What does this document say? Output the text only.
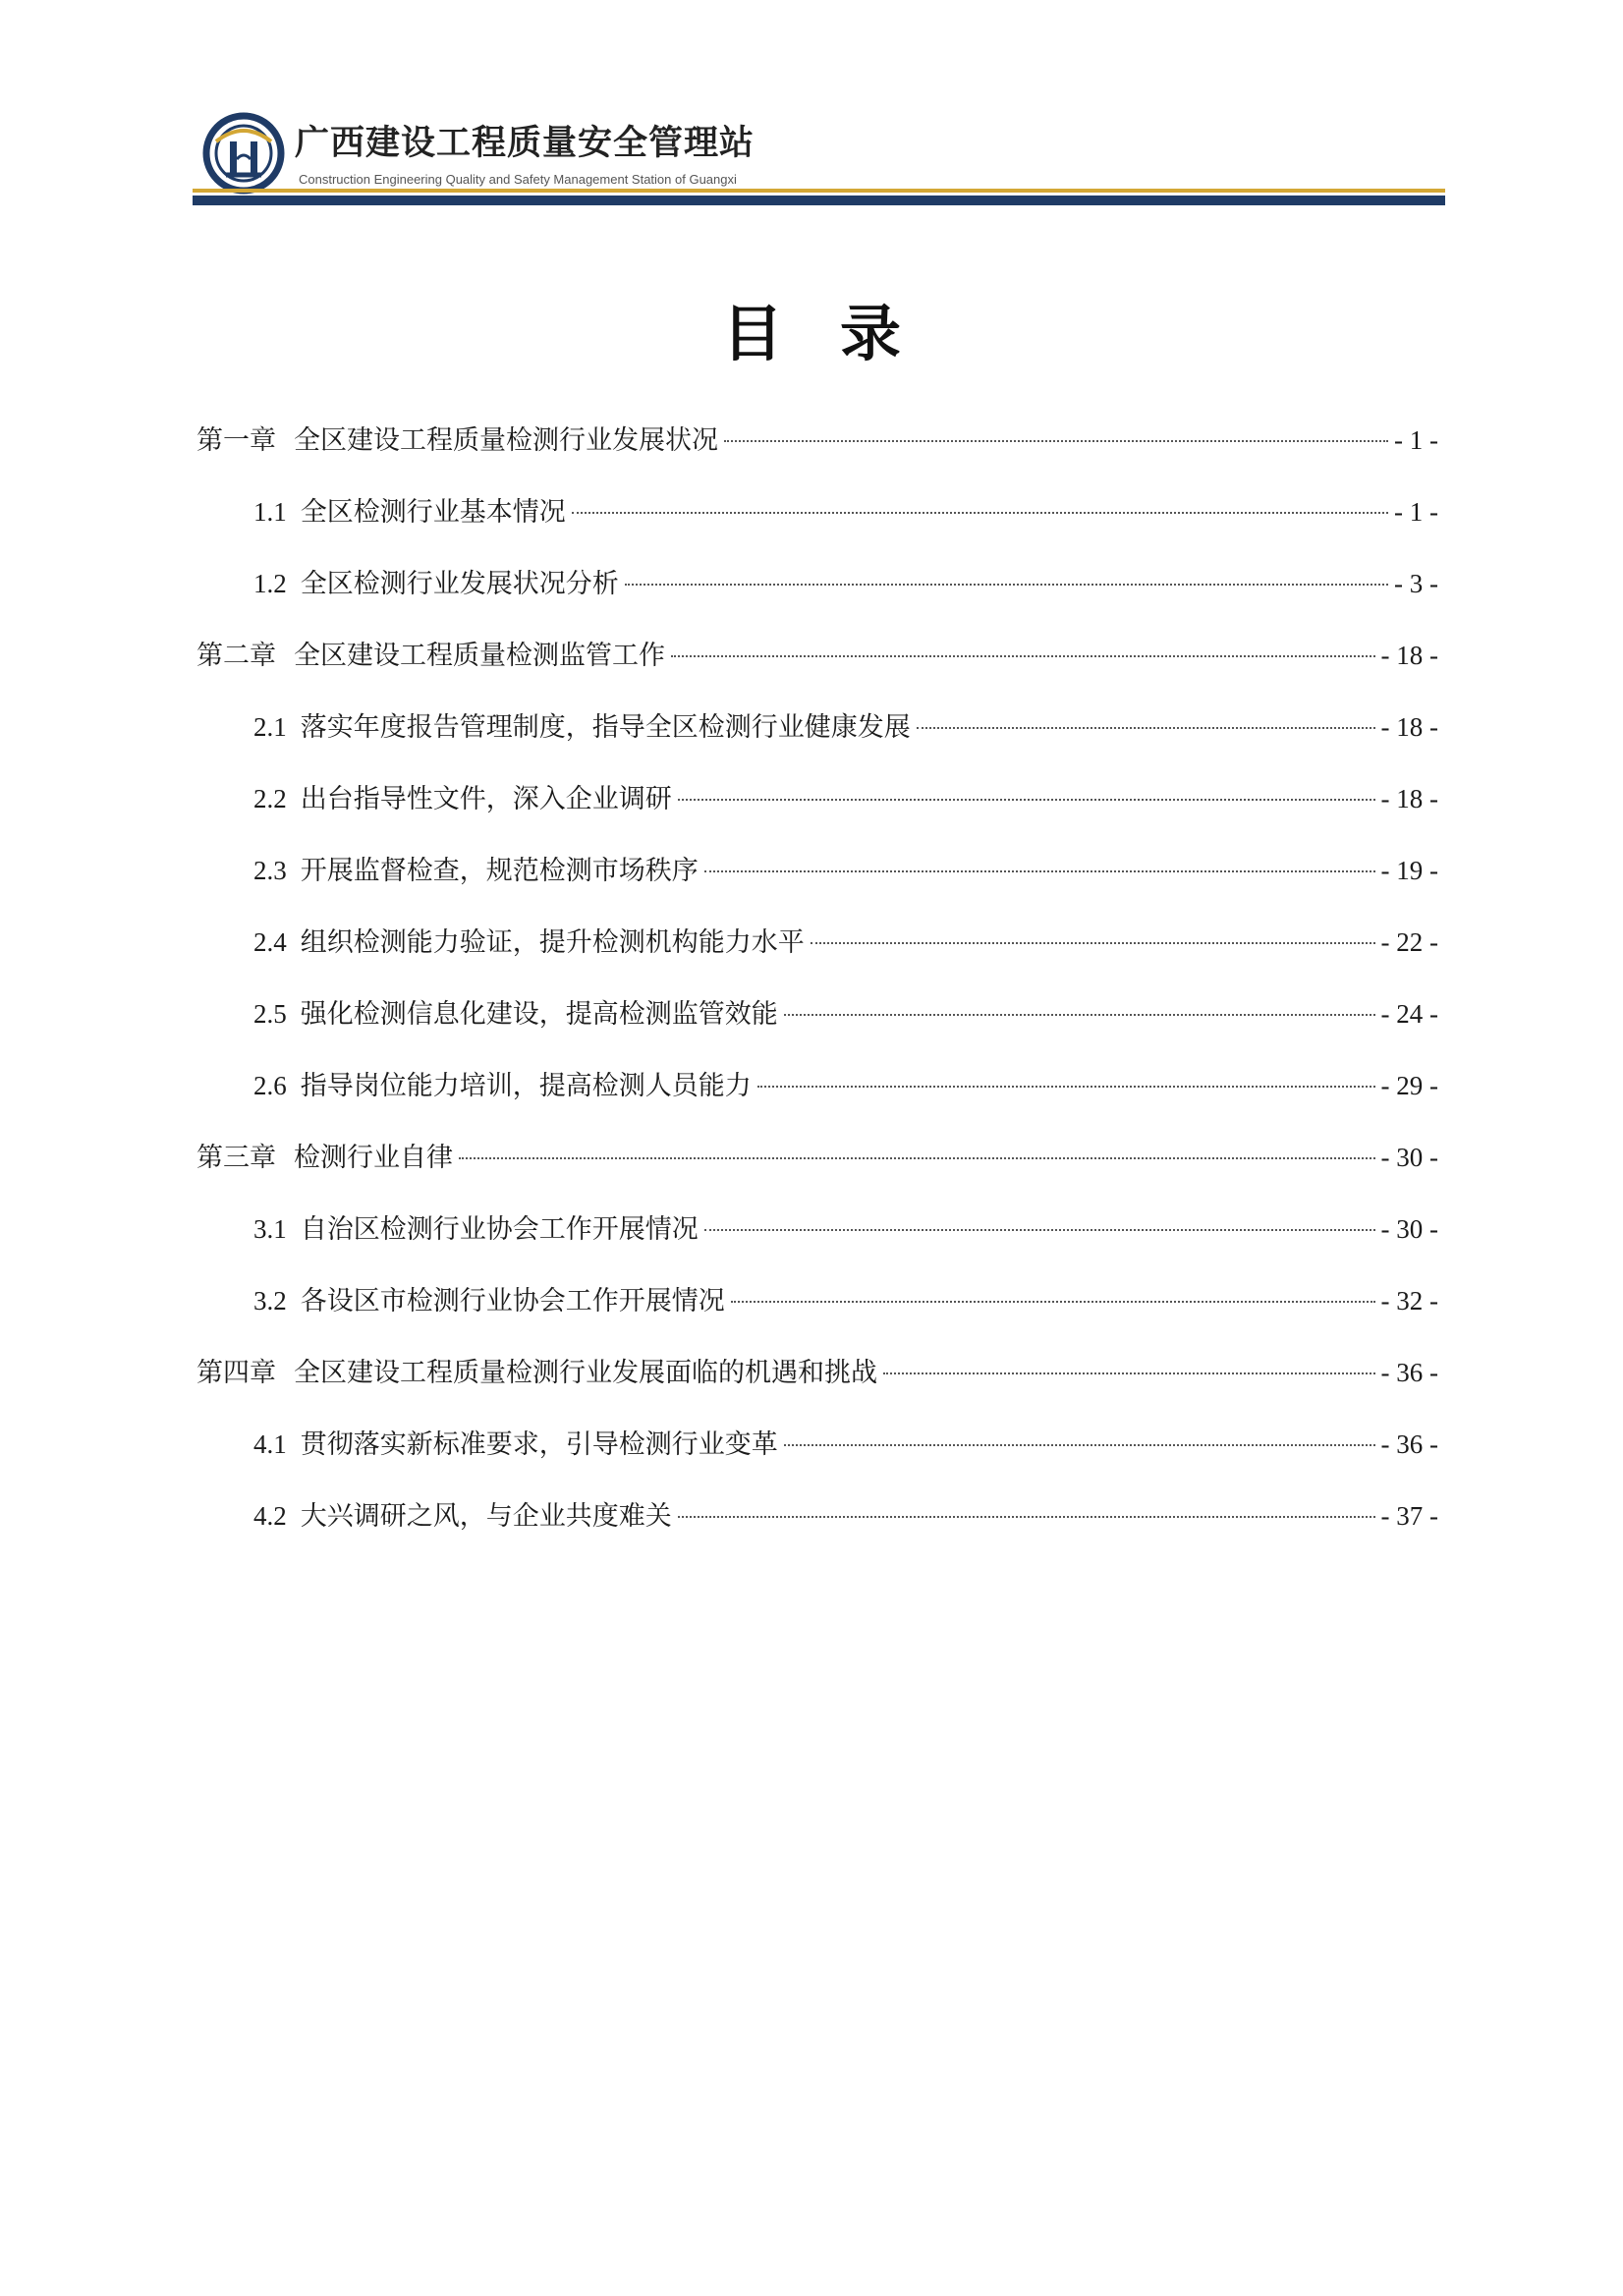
广西建设工程质量安全管理站
Construction Engineering Quality and Safety Management Station of Guangxi
目 录
第一章 全区建设工程质量检测行业发展状况	- 1 -
1.1 全区检测行业基本情况	- 1 -
1.2 全区检测行业发展状况分析	- 3 -
第二章 全区建设工程质量检测监管工作	- 18 -
2.1 落实年度报告管理制度，指导全区检测行业健康发展	- 18 -
2.2 出台指导性文件，深入企业调研	- 18 -
2.3 开展监督检查，规范检测市场秩序	- 19 -
2.4 组织检测能力验证，提升检测机构能力水平	- 22 -
2.5 强化检测信息化建设，提高检测监管效能	- 24 -
2.6 指导岗位能力培训，提高检测人员能力	- 29 -
第三章 检测行业自律	- 30 -
3.1 自治区检测行业协会工作开展情况	- 30 -
3.2 各设区市检测行业协会工作开展情况	- 32 -
第四章 全区建设工程质量检测行业发展面临的机遇和挑战	- 36 -
4.1 贯彻落实新标准要求，引导检测行业变革	- 36 -
4.2 大兴调研之风，与企业共度难关	- 37 -
